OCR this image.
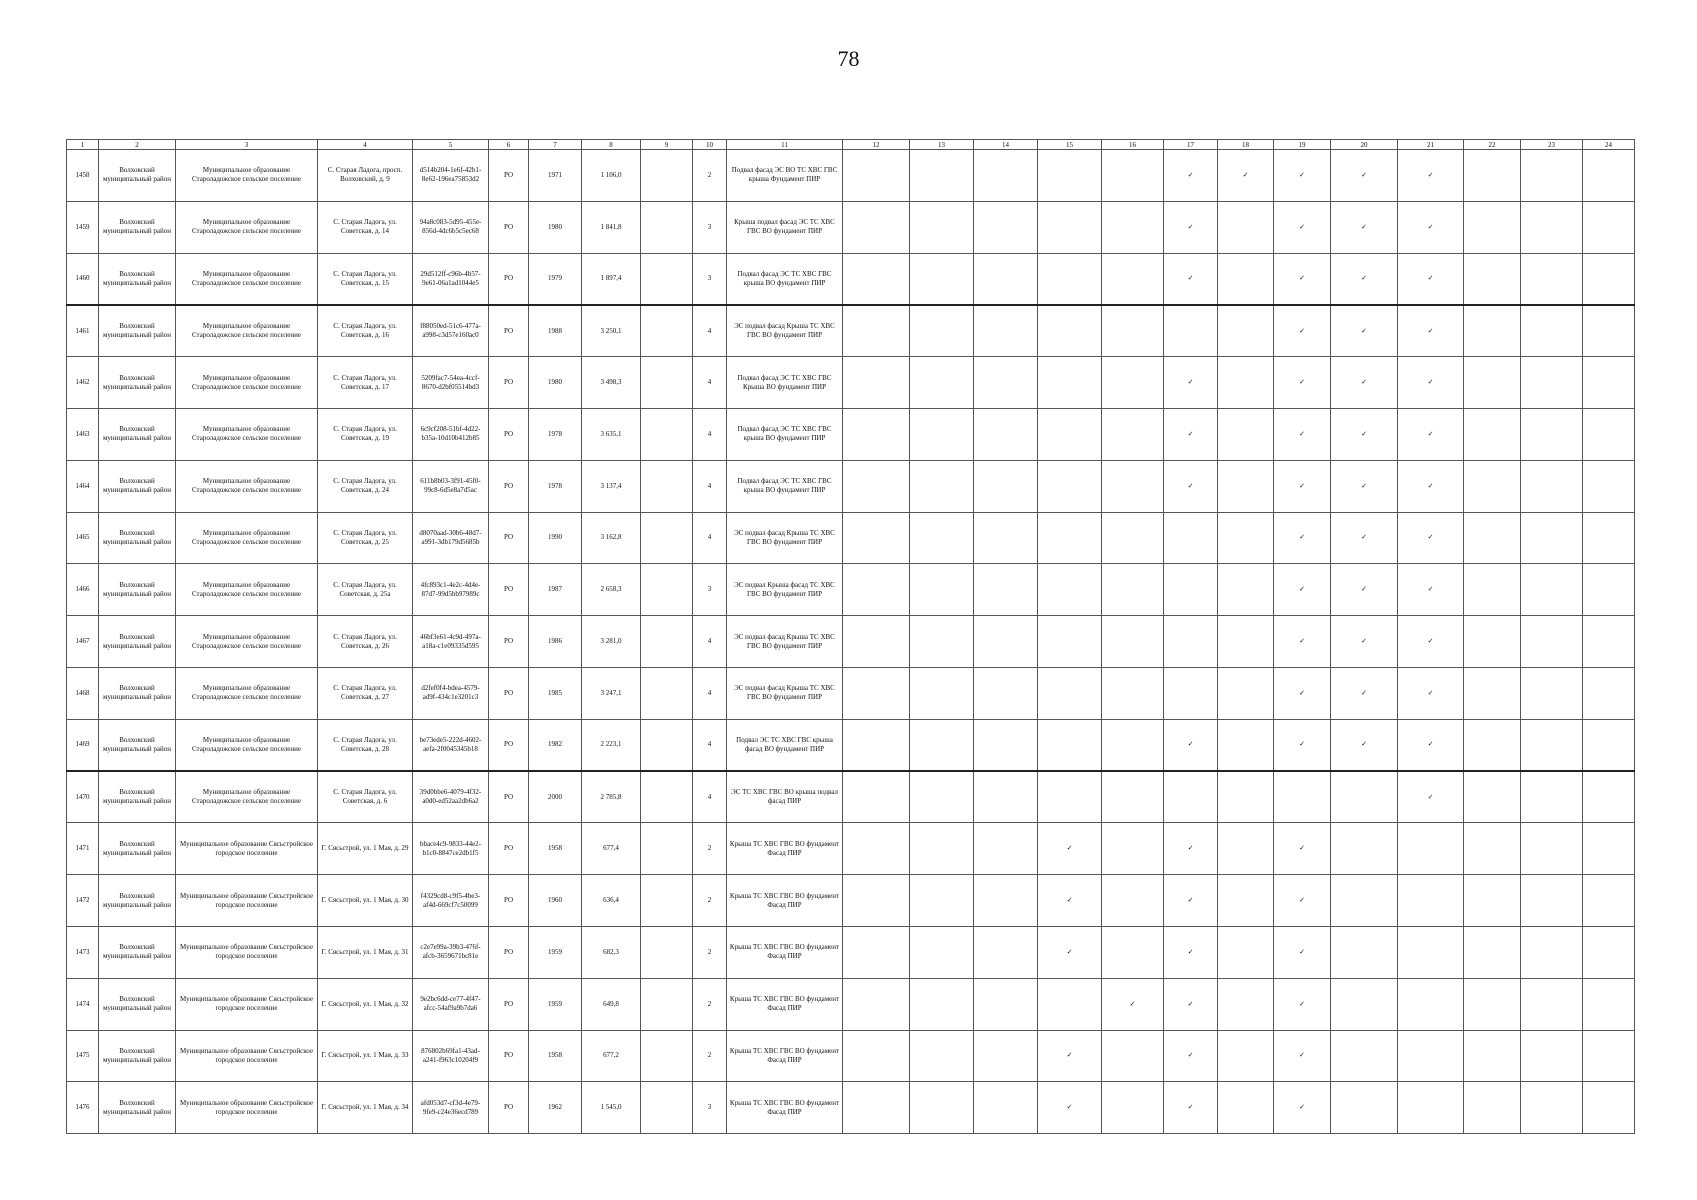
78
1	2	3	4	5	6	7	8	9	10	11	12	13	14	15	16	17	18	19	20	21	22	23	24
1458	Волховский муниципальный район	Муниципальное образование Староладожское сельское поселение	С. Старая Ладога, просп. Волховский, д. 9	d514b204-1e6f-42b1-8e62-196ea75853d2	РО	1971	1 106,0		2	Подвал фасад ЭС ВО ТС ХВС ГВС крыша Фундамент ПИР						✓	✓	✓	✓	✓			
1459	Волховский муниципальный район	Муниципальное образование Староладожское сельское поселение	С. Старая Ладога, ул. Советская, д. 14	94a8c083-5d95-455e-856d-4dc6b5c5ec68	РО	1980	1 841,8		3	Крыша подвал фасад ЭС ТС ХВС ГВС ВО фундамент ПИР						✓		✓	✓	✓			
1460	Волховский муниципальный район	Муниципальное образование Староладожское сельское поселение	С. Старая Ладога, ул. Советская, д. 15	29d512ff-c96b-4b57-9e61-06a1ad1044e5	РО	1979	1 897,4		3	Подвал фасад ЭС ТС ХВС ГВС крыша ВО фундамент ПИР						✓		✓	✓	✓			
1461	Волховский муниципальный район	Муниципальное образование Староладожское сельское поселение	С. Старая Ладога, ул. Советская, д. 16	f88050ed-51c6-477a-a998-c3d57e160ac0	РО	1988	3 250,1		4	ЭС подвал фасад Крыша ТС ХВС ГВС ВО фундамент ПИР								✓	✓	✓			
1462	Волховский муниципальный район	Муниципальное образование Староладожское сельское поселение	С. Старая Ладога, ул. Советская, д. 17	5209fac7-54ea-4ccf-8670-d2bf05514bd3	РО	1980	3 498,3		4	Подвал фасад ЭС ТС ХВС ГВС Крыша ВО фундамент ПИР						✓		✓	✓	✓			
1463	Волховский муниципальный район	Муниципальное образование Староладожское сельское поселение	С. Старая Ладога, ул. Советская, д. 19	6c9cf208-51bf-4d22-b35a-10d10b412b85	РО	1978	3 635,1		4	Подвал фасад ЭС ТС ХВС ГВС крыша ВО фундамент ПИР						✓		✓	✓	✓			
1464	Волховский муниципальный район	Муниципальное образование Староладожское сельское поселение	С. Старая Ладога, ул. Советская, д. 24	611b8b03-3f91-45f0-99c8-6d5e8a7d5ac	РО	1978	3 137,4		4	Подвал фасад ЭС ТС ХВС ГВС крыша ВО фундамент ПИР						✓		✓	✓	✓			
1465	Волховский муниципальный район	Муниципальное образование Староладожское сельское поселение	С. Старая Ладога, ул. Советская, д. 25	d8070aad-30b6-48d7-a991-3db179d5685b	РО	1990	3 162,8		4	ЭС подвал фасад Крыша ТС ХВС ГВС ВО фундамент ПИР								✓	✓	✓			
1466	Волховский муниципальный район	Муниципальное образование Староладожское сельское поселение	С. Старая Ладога, ул. Советская, д. 25а	4fc893c1-4e2c-4d4e-87d7-99d5bb97989c	РО	1987	2 658,3		3	ЭС подвал Крыша фасад ТС ХВС ГВС ВО фундамент ПИР								✓	✓	✓			
1467	Волховский муниципальный район	Муниципальное образование Староладожское сельское поселение	С. Старая Ладога, ул. Советская, д. 26	46bf3e61-4c9d-497a-a18a-c1e09335d595	РО	1986	3 281,0		4	ЭС подвал фасад Крыша ТС ХВС ГВС ВО фундамент ПИР								✓	✓	✓			
1468	Волховский муниципальный район	Муниципальное образование Староладожское сельское поселение	С. Старая Ладога, ул. Советская, д. 27	d2fef0f4-bdea-4579-ad9f-434c1e3201c3	РО	1985	3 247,1		4	ЭС подвал фасад Крыша ТС ХВС ГВС ВО фундамент ПИР								✓	✓	✓			
1469	Волховский муниципальный район	Муниципальное образование Староладожское сельское поселение	С. Старая Ладога, ул. Советская, д. 28	be73ede5-222d-4602-aefa-2f0045345b18	РО	1982	2 223,1		4	Подвал ЭС ТС ХВС ГВС крыша фасад ВО фундамент ПИР						✓		✓	✓	✓			
1470	Волховский муниципальный район	Муниципальное образование Староладожское сельское поселение	С. Старая Ладога, ул. Советская, д. 6	39d0bbe6-4079-4f32-a0d0-ed52aa2db6a2	РО	2000	2 785,8		4	ЭС ТС ХВС ГВС ВО крыша подвал фасад ПИР										✓			
1471	Волховский муниципальный район	Муниципальное образование Сясьстройское городское поселение	Г. Сясьстрой, ул. 1 Мая, д. 29	bbace4c9-9833-44e2-b1c0-8847ce2db1f5	РО	1958	677,4		2	Крыша ТС ХВС ГВС ВО фундамент Фасад ПИР				✓		✓		✓					
1472	Волховский муниципальный район	Муниципальное образование Сясьстройское городское поселение	Г. Сясьстрой, ул. 1 Мая, д. 30	f4329cd8-c9f5-4be3-af4d-669cf7c50099	РО	1960	636,4		2	Крыша ТС ХВС ГВС ВО фундамент Фасад ПИР				✓		✓		✓					
1473	Волховский муниципальный район	Муниципальное образование Сясьстройское городское поселение	Г. Сясьстрой, ул. 1 Мая, д. 31	c2e7e99a-39b3-476f-afcb-3659671bc81e	РО	1959	682,3		2	Крыша ТС ХВС ГВС ВО фундамент Фасад ПИР				✓		✓		✓					
1474	Волховский муниципальный район	Муниципальное образование Сясьстройское городское поселение	Г. Сясьстрой, ул. 1 Мая, д. 32	9e2bc6dd-ce77-4f47-afcc-54af9a9b7da6	РО	1959	649,8		2	Крыша ТС ХВС ГВС ВО фундамент Фасад ПИР					✓	✓		✓					
1475	Волховский муниципальный район	Муниципальное образование Сясьстройское городское поселение	Г. Сясьстрой, ул. 1 Мая, д. 33	876802b69fa1-43ad-a241-f963c10204f9	РО	1958	677,2		2	Крыша ТС ХВС ГВС ВО фундамент Фасад ПИР				✓		✓		✓					
1476	Волховский муниципальный район	Муниципальное образование Сясьстройское городское поселение	Г. Сясьстрой, ул. 1 Мая, д. 34	afd053d7-cf3d-4e79-9fe9-c24e36ecd789	РО	1962	1 545,0		3	Крыша ТС ХВС ГВС ВО фундамент Фасад ПИР				✓		✓		✓					
